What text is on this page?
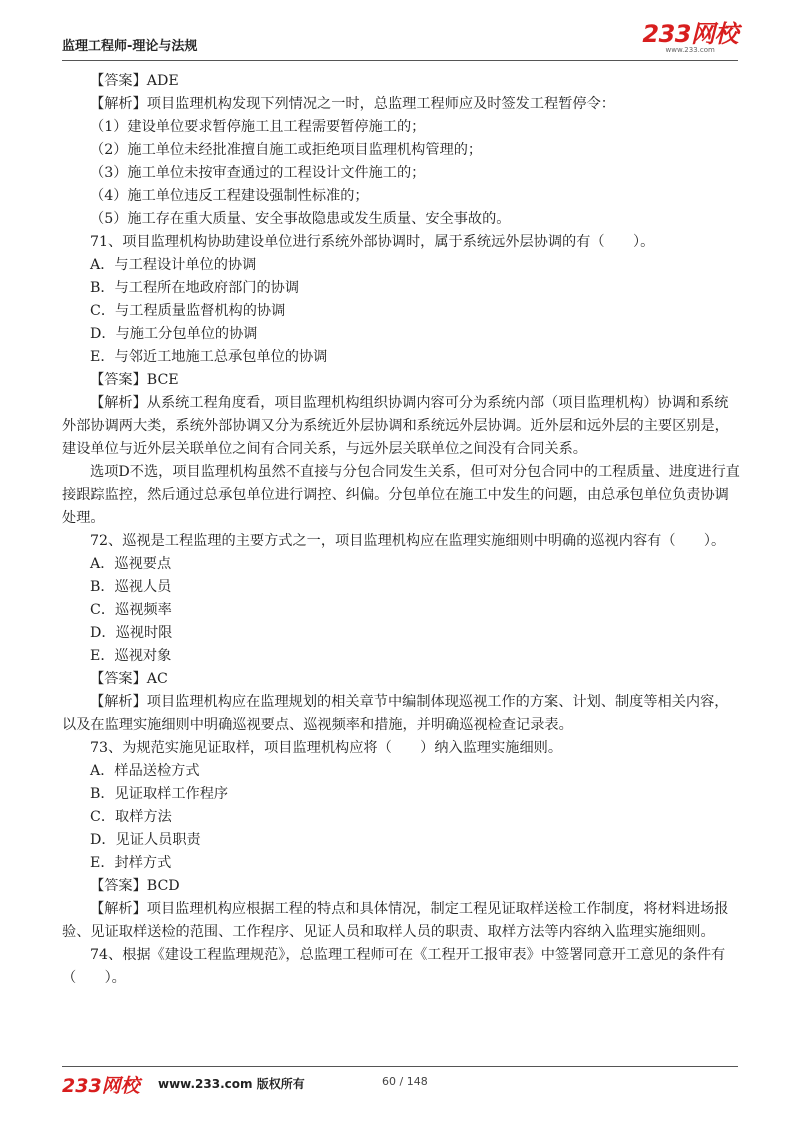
监理工程师-理论与法规	233网校
www.233.com

【答案】ADE

【解析】项目监理机构发现下列情况之一时，总监理工程师应及时签发工程暂停令：

（1）建设单位要求暂停施工且工程需要暂停施工的；

（2）施工单位未经批准擅自施工或拒绝项目监理机构管理的；

（3）施工单位未按审查通过的工程设计文件施工的；

（4）施工单位违反工程建设强制性标准的；

（5）施工存在重大质量、安全事故隐患或发生质量、安全事故的。

71、项目监理机构协助建设单位进行系统外部协调时，属于系统远外层协调的有（　　）。

A．与工程设计单位的协调

B．与工程所在地政府部门的协调

C．与工程质量监督机构的协调

D．与施工分包单位的协调

E．与邻近工地施工总承包单位的协调

【答案】BCE

【解析】从系统工程角度看，项目监理机构组织协调内容可分为系统内部（项目监理机构）协调和系统外部协调两大类，系统外部协调又分为系统近外层协调和系统远外层协调。近外层和远外层的主要区别是，建设单位与近外层关联单位之间有合同关系，与远外层关联单位之间没有合同关系。

选项D不选，项目监理机构虽然不直接与分包合同发生关系，但可对分包合同中的工程质量、进度进行直接跟踪监控，然后通过总承包单位进行调控、纠偏。分包单位在施工中发生的问题，由总承包单位负责协调处理。

72、巡视是工程监理的主要方式之一，项目监理机构应在监理实施细则中明确的巡视内容有（　　）。

A．巡视要点

B．巡视人员

C．巡视频率

D．巡视时限

E．巡视对象

【答案】AC

【解析】项目监理机构应在监理规划的相关章节中编制体现巡视工作的方案、计划、制度等相关内容，以及在监理实施细则中明确巡视要点、巡视频率和措施，并明确巡视检查记录表。

73、为规范实施见证取样，项目监理机构应将（　　）纳入监理实施细则。

A．样品送检方式

B．见证取样工作程序

C．取样方法

D．见证人员职责

E．封样方式

【答案】BCD

【解析】项目监理机构应根据工程的特点和具体情况，制定工程见证取样送检工作制度，将材料进场报验、见证取样送检的范围、工作程序、见证人员和取样人员的职责、取样方法等内容纳入监理实施细则。

74、根据《建设工程监理规范》，总监理工程师可在《工程开工报审表》中签署同意开工意见的条件有（　　）。

233网校 www.233.com 版权所有	60 / 148
